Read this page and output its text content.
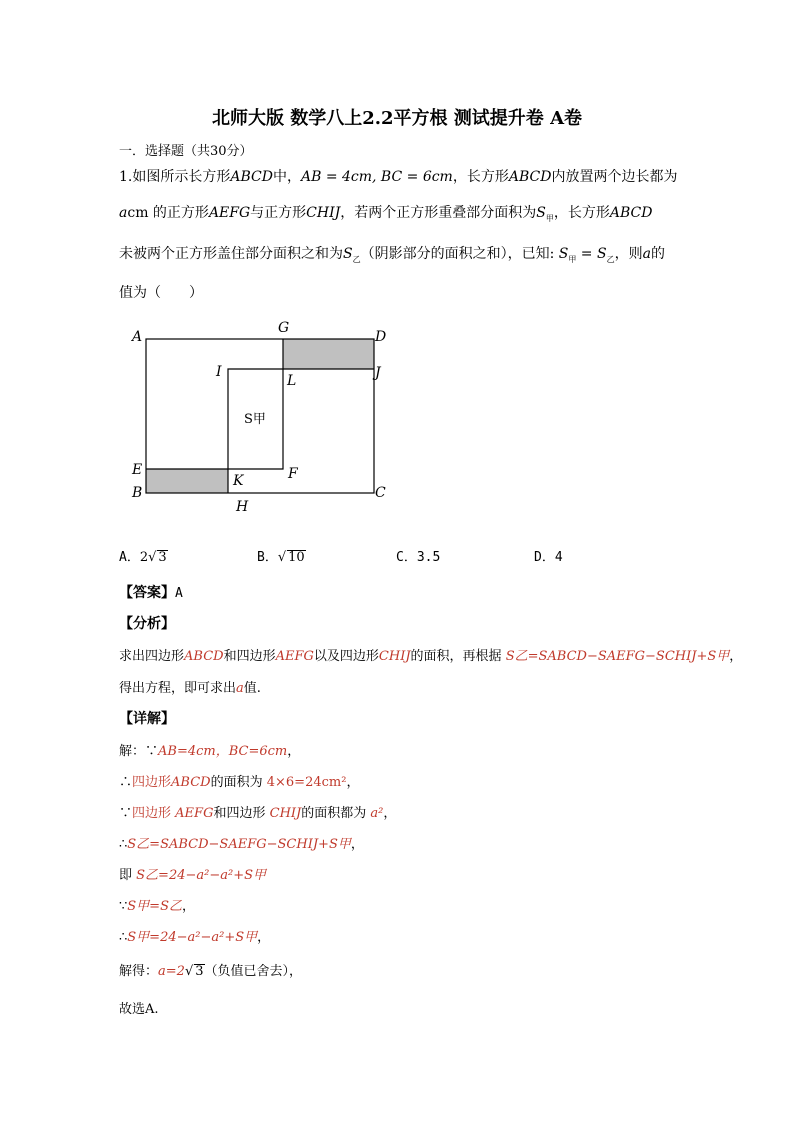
北师大版 数学八上2.2平方根 测试提升卷 A卷
一．选择题（共30分）
1.如图所示长方形ABCD中，AB = 4cm, BC = 6cm，长方形ABCD内放置两个边长都为
acm 的正方形AEFG与正方形CHIJ，若两个正方形重叠部分面积为$S_甲$，长方形ABCD
未被两个正方形盖住部分面积之和为$S_乙$（阴影部分的面积之和），已知: $S_甲 = S_乙$，则a的
值为（　　）
A
B	C
D
E	F
G
H
I	J
K
L
S甲
A．2√ 3	B．√ 10	C．3.5	D．4
【答案】A
【分析】
求出四边形ABCD和四边形AEFG以及四边形CHIJ的面积，再根据 S乙=SABCD−SAEFG−SCHIJ+S甲，
得出方程，即可求出a值.
【详解】
解：∵AB=4cm，BC=6cm，
∴四边形ABCD的面积为 4×6=24cm²，
∵四边形 AEFG和四边形 CHIJ的面积都为 a²，
∴S乙=SABCD−SAEFG−SCHIJ+S甲，
即 S乙=24−a²−a²+S甲
∵S甲=S乙，
∴S甲=24−a²−a²+S甲，
解得：a=2√ 3（负值已舍去），
故选A.
